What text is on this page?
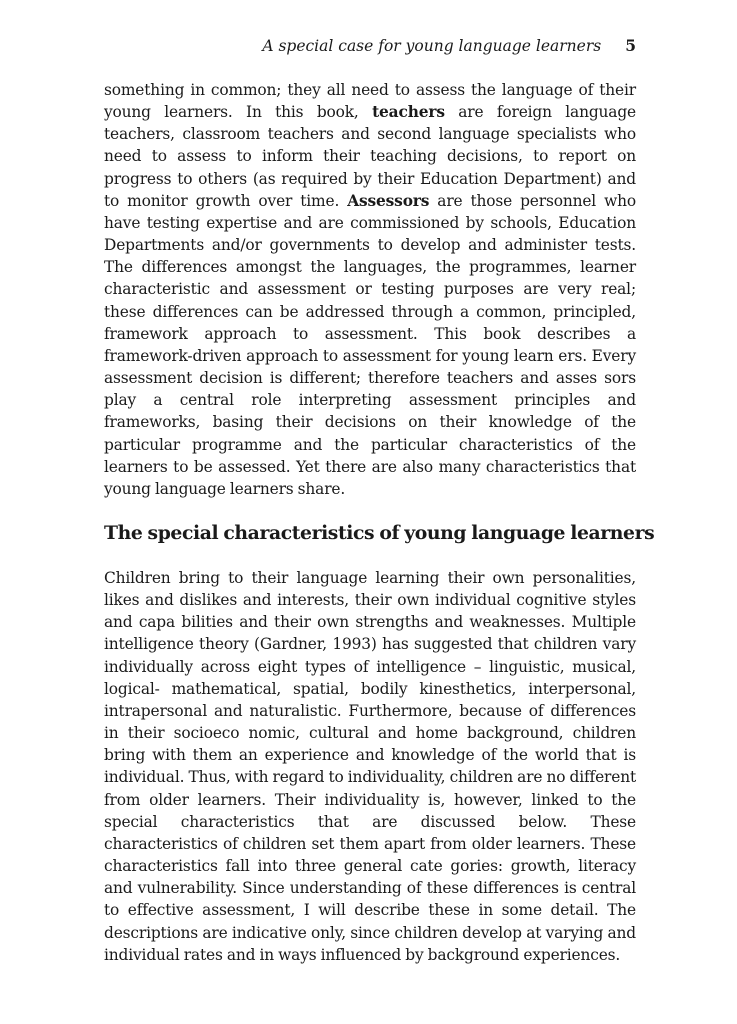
A special case for young language learners 5
something in common; they all need to assess the language of their young learners. In this book, teachers are foreign language teachers, classroom teachers and second language specialists who need to assess to inform their teaching decisions, to report on progress to others (as required by their Education Department) and to monitor growth over time. Assessors are those personnel who have testing expertise and are commissioned by schools, Education Departments and/or governments to develop and administer tests. The differences amongst the languages, the programmes, learner characteristic and assessment or testing purposes are very real; these differences can be addressed through a common, principled, framework approach to assessment. This book describes a framework-driven approach to assessment for young learn ers. Every assessment decision is different; therefore teachers and asses sors play a central role interpreting assessment principles and frameworks, basing their decisions on their knowledge of the particular programme and the particular characteristics of the learners to be assessed. Yet there are also many characteristics that young language learners share.
The special characteristics of young language learners
Children bring to their language learning their own personalities, likes and dislikes and interests, their own individual cognitive styles and capa bilities and their own strengths and weaknesses. Multiple intelligence theory (Gardner, 1993) has suggested that children vary individually across eight types of intelligence – linguistic, musical, logical‑ mathematical, spatial, bodily kinesthetics, interpersonal, intrapersonal and naturalistic. Furthermore, because of differences in their socioeco nomic, cultural and home background, children bring with them an experience and knowledge of the world that is individual. Thus, with regard to individuality, children are no different from older learners. Their individuality is, however, linked to the special characteristics that are discussed below. These characteristics of children set them apart from older learners. These characteristics fall into three general cate gories: growth, literacy and vulnerability. Since understanding of these differences is central to effective assessment, I will describe these in some detail. The descriptions are indicative only, since children develop at varying and individual rates and in ways influenced by background experiences.
